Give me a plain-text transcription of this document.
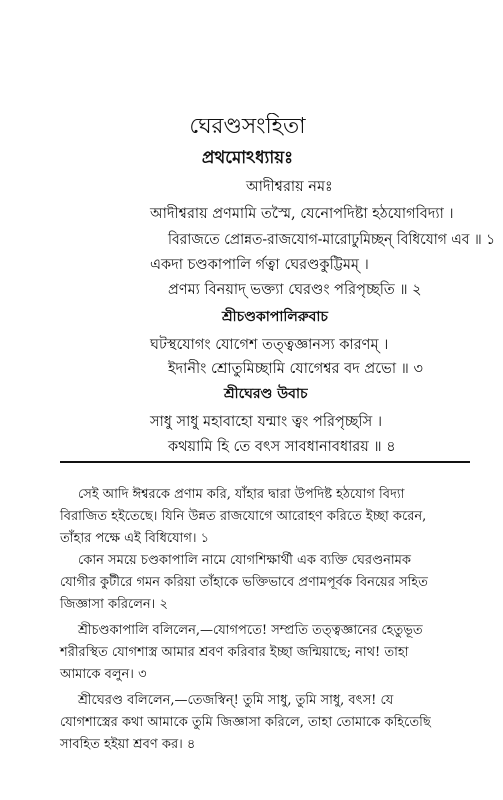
ঘেরণ্ডসংহিতা
প্রথমোঽধ্যায়ঃ
আদীশ্বরায় নমঃ
আদীশ্বরায় প্রণমামি তস্মৈ, যেনোপদিষ্টা হঠযোগবিদ্যা ।
বিরাজতে প্রোন্নত-রাজযোগ-মারোঢুমিচ্ছন্ বিধিযোগ এব ॥ ১
একদা চণ্ডকাপালি র্গত্বা ঘেরণ্ডকুট্টিমম্ ।
প্রণম্য বিনয়াদ্ ভক্ত্যা ঘেরণ্ডং পরিপৃচ্ছতি ॥ ২
শ্রীচণ্ডকাপালিরুবাচ
ঘটস্থযোগং যোগেশ তত্ত্বজ্ঞানস্য কারণম্ ।
ইদানীং শ্রোতুমিচ্ছামি যোগেশ্বর বদ প্রভো ॥ ৩
শ্রীঘেরণ্ড উবাচ
সাধু সাধু মহাবাহো যন্মাং ত্বং পরিপৃচ্ছসি ।
কথয়ামি হি তে বৎস সাবধানাবধারয় ॥ ৪
সেই আদি ঈশ্বরকে প্রণাম করি, যাঁহার দ্বারা উপদিষ্ট হঠযোগ বিদ্যা
বিরাজিত হইতেছে। যিনি উন্নত রাজযোগে আরোহণ করিতে ইচ্ছা করেন,
তাঁহার পক্ষে এই বিধিযোগ। ১
কোন সময়ে চণ্ডকাপালি নামে যোগশিক্ষার্থী এক ব্যক্তি ঘেরণ্ডনামক
যোগীর কুটীরে গমন করিয়া তাঁহাকে ভক্তিভাবে প্রণামপূর্বক বিনয়ের সহিত
জিজ্ঞাসা করিলেন। ২
শ্রীচণ্ডকাপালি বলিলেন,—যোগপতে! সম্প্রতি তত্ত্বজ্ঞানের হেতুভূত
শরীরস্থিত যোগশাস্ত্র আমার শ্রবণ করিবার ইচ্ছা জন্মিয়াছে; নাথ! তাহা
আমাকে বলুন। ৩
শ্রীঘেরণ্ড বলিলেন,—তেজস্বিন্! তুমি সাধু, তুমি সাধু, বৎস! যে
যোগশাস্ত্রের কথা আমাকে তুমি জিজ্ঞাসা করিলে, তাহা তোমাকে কহিতেছি
সাবহিত হইয়া শ্রবণ কর। ৪
